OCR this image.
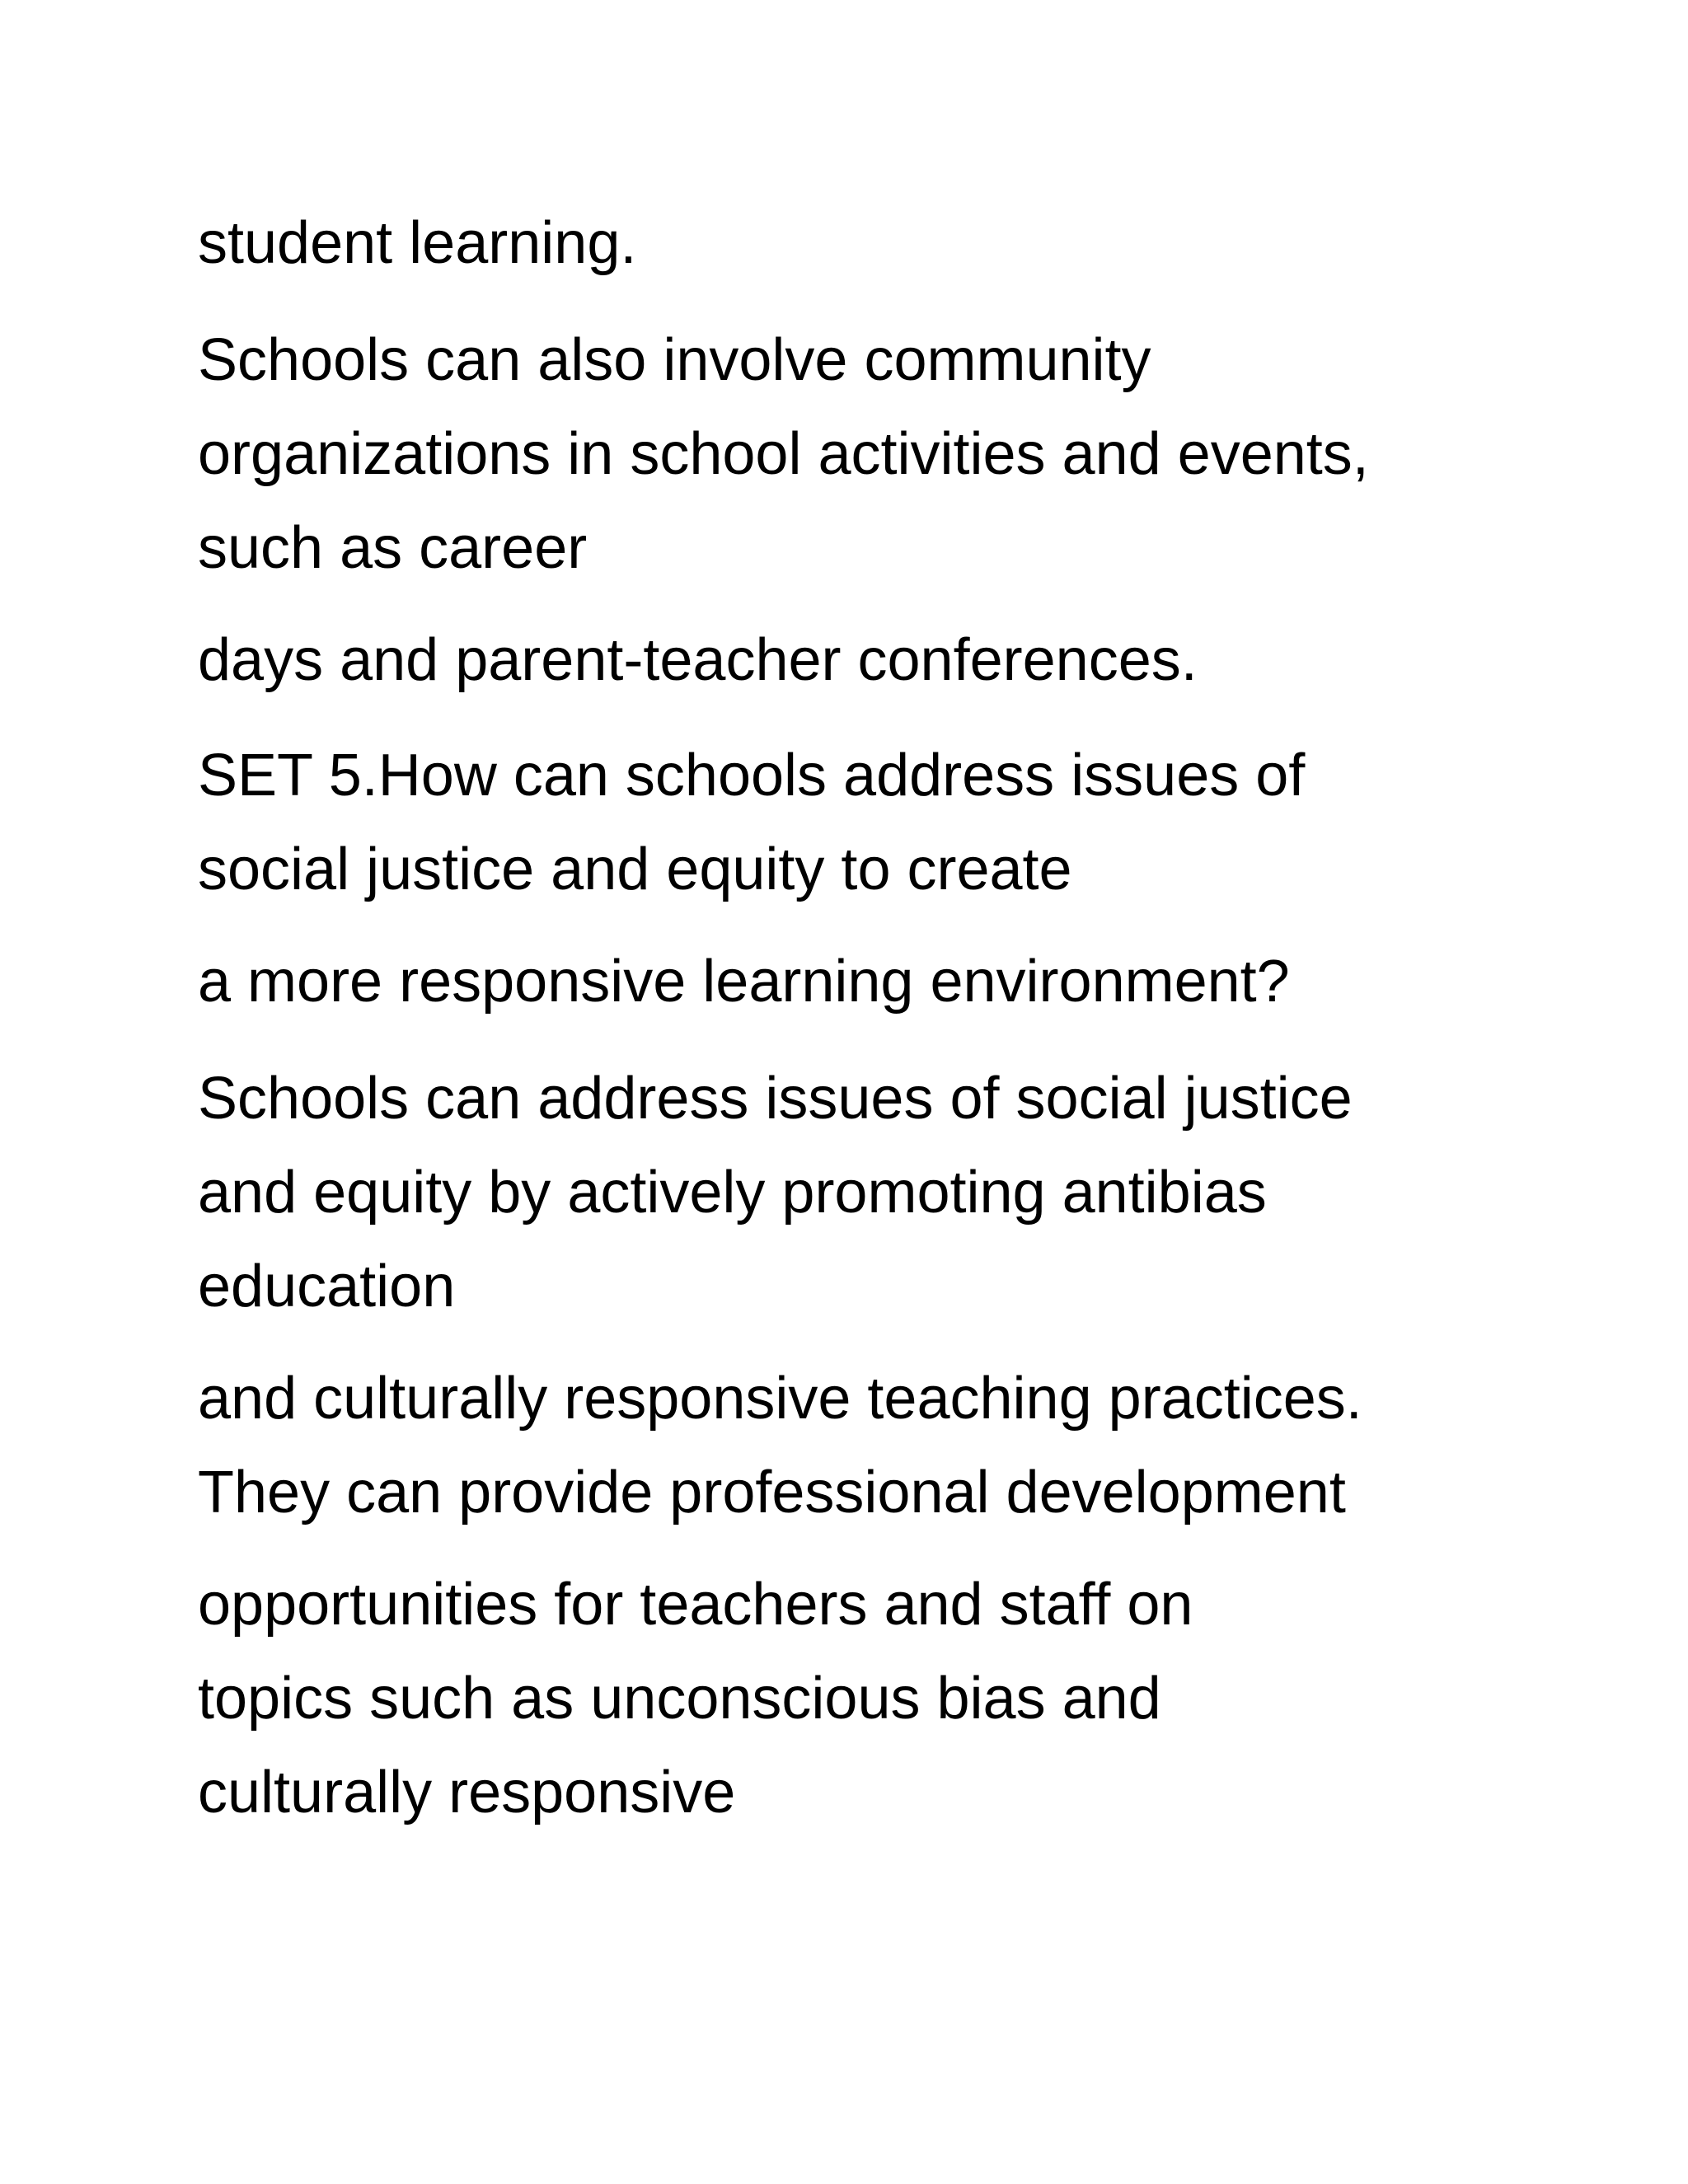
student learning.

Schools can also involve community
organizations in school activities and events,
such as career

days and parent-teacher conferences.

SET 5.How can schools address issues of
social justice and equity to create

a more responsive learning environment?

Schools can address issues of social justice
and equity by actively promoting antibias
education

and culturally responsive teaching practices.
They can provide professional development

opportunities for teachers and staff on
topics such as unconscious bias and
culturally responsive
